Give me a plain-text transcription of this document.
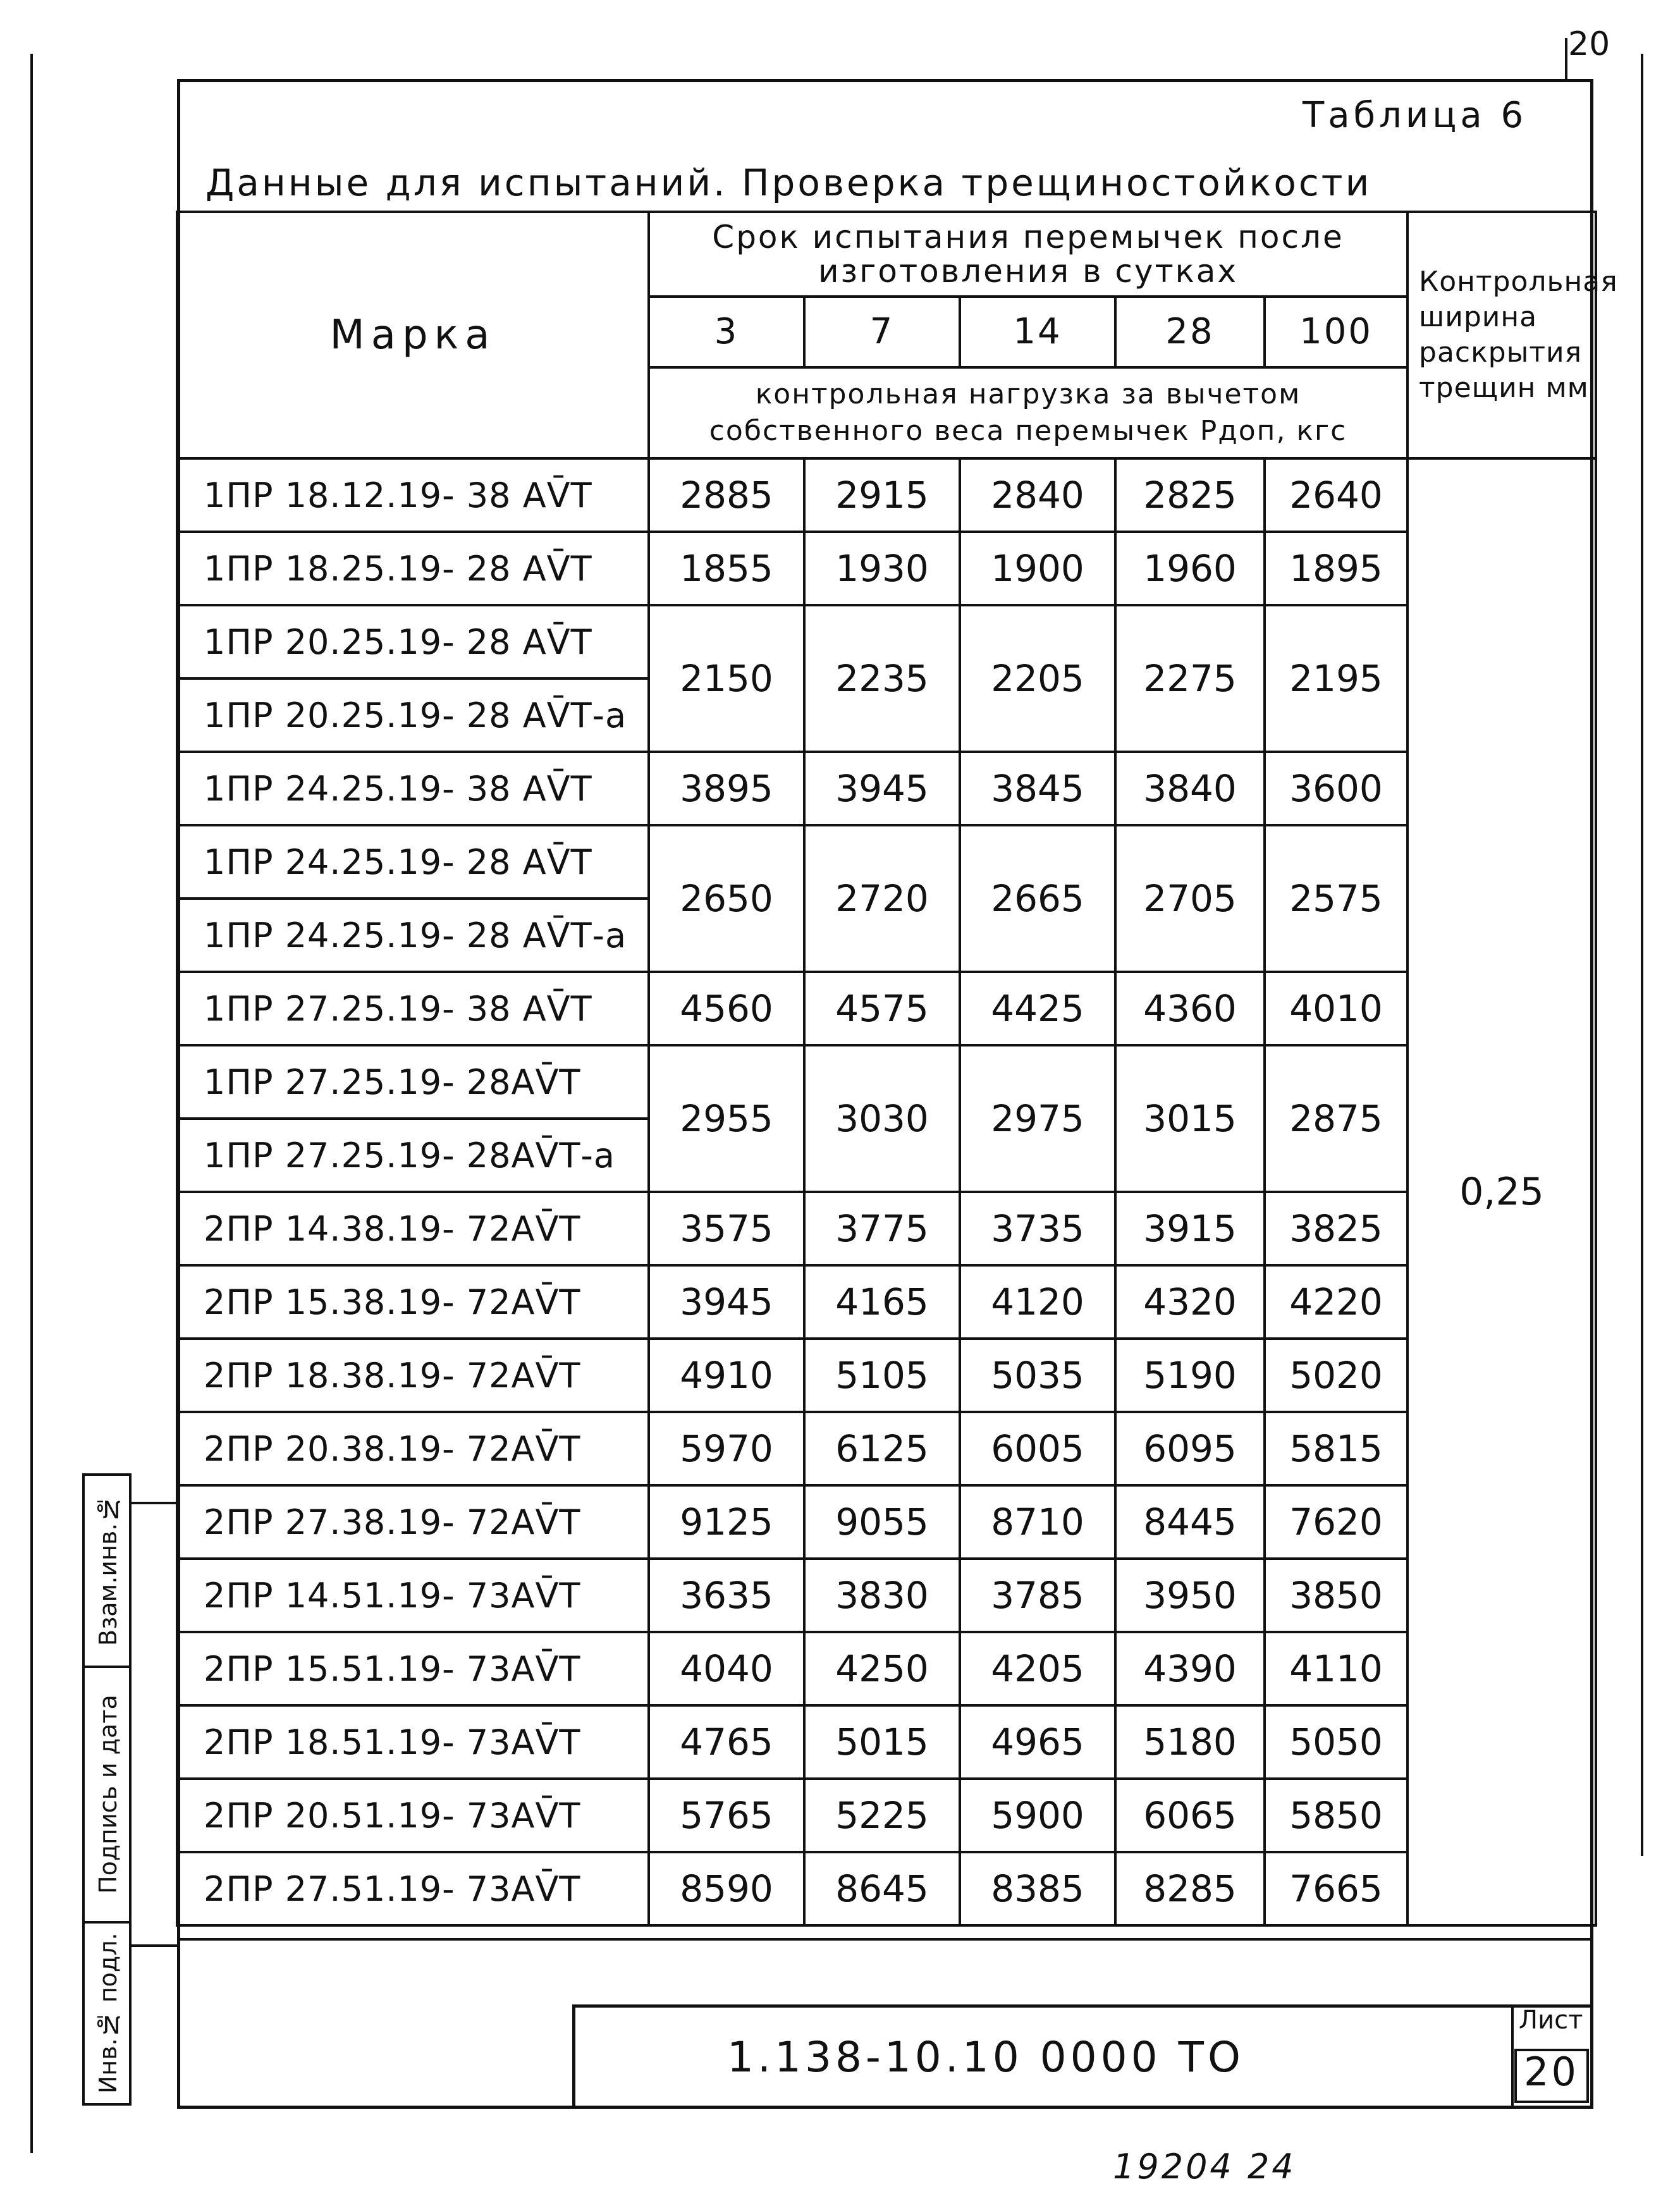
20
Таблица 6
Данные для испытаний. Проверка трещиностойкости
Марка	Срок испытания перемычек после изготовления в сутках					Контрольная ширина раскрытия трещин мм
	3	7	14	28	100	
	контрольная нагрузка за вычетом собственного веса перемычек Рдоп, кгс					
1ПР 18.12.19- 38 АV̄Т	2885	2915	2840	2825	2640	0,25
1ПР 18.25.19- 28 АV̄Т	1855	1930	1900	1960	1895	
1ПР 20.25.19- 28 АV̄Т	2150	2235	2205	2275	2195	
1ПР 20.25.19- 28 АV̄Т-а						
1ПР 24.25.19- 38 АV̄Т	3895	3945	3845	3840	3600	
1ПР 24.25.19- 28 АV̄Т	2650	2720	2665	2705	2575	
1ПР 24.25.19- 28 АV̄Т-а						
1ПР 27.25.19- 38 АV̄Т	4560	4575	4425	4360	4010	
1ПР 27.25.19- 28АV̄Т	2955	3030	2975	3015	2875	
1ПР 27.25.19- 28АV̄Т-а						
2ПР 14.38.19- 72АV̄Т	3575	3775	3735	3915	3825	
2ПР 15.38.19- 72АV̄Т	3945	4165	4120	4320	4220	
2ПР 18.38.19- 72АV̄Т	4910	5105	5035	5190	5020	
2ПР 20.38.19- 72АV̄Т	5970	6125	6005	6095	5815	
2ПР 27.38.19- 72АV̄Т	9125	9055	8710	8445	7620	
2ПР 14.51.19- 73АV̄Т	3635	3830	3785	3950	3850	
2ПР 15.51.19- 73АV̄Т	4040	4250	4205	4390	4110	
2ПР 18.51.19- 73АV̄Т	4765	5015	4965	5180	5050	
2ПР 20.51.19- 73АV̄Т	5765	5225	5900	6065	5850	
2ПР 27.51.19- 73АV̄Т	8590	8645	8385	8285	7665	
Взам.инв.№
Подпись и дата
Инв.№ подл.	1.138-10.10 0000 ТО
Лист
20
19204 24
